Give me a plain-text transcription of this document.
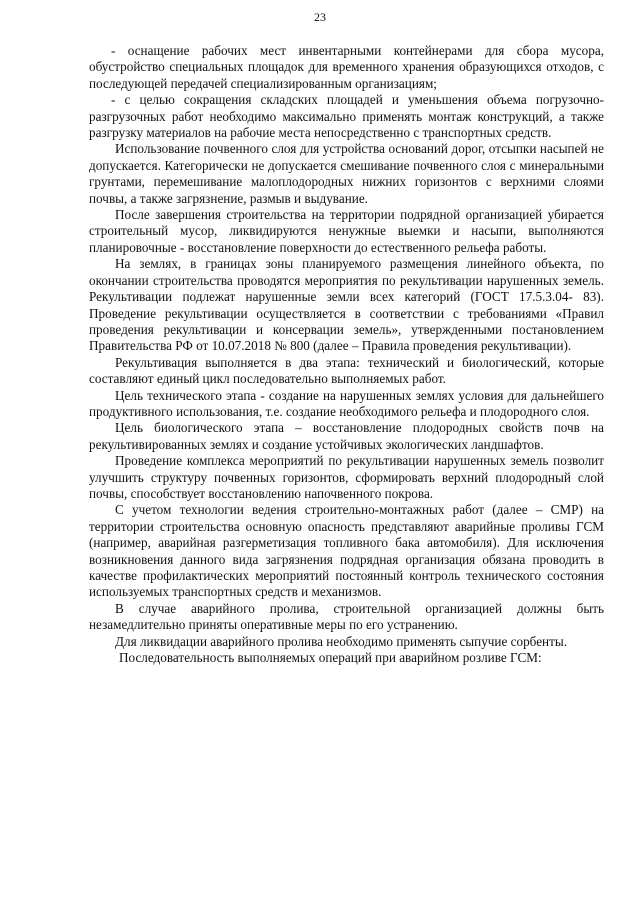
23

- оснащение рабочих мест инвентарными контейнерами для сбора мусора, обустройство специальных площадок для временного хранения образующихся отходов, с последующей передачей специализированным организациям;

- с целью сокращения складских площадей и уменьшения объема погрузочно-разгрузочных работ необходимо максимально применять монтаж конструкций, а также разгрузку материалов на рабочие места непосредственно с транспортных средств.

Использование почвенного слоя для устройства оснований дорог, отсыпки насыпей не допускается. Категорически не допускается смешивание почвенного слоя с минеральными грунтами, перемешивание малоплодородных нижних горизонтов с верхними слоями почвы, а также загрязнение, размыв и выдувание.

После завершения строительства на территории подрядной организацией убирается строительный мусор, ликвидируются ненужные выемки и насыпи, выполняются планировочные - восстановление поверхности до естественного рельефа работы.

На землях, в границах зоны планируемого размещения линейного объекта, по окончании строительства проводятся мероприятия по рекультивации нарушенных земель. Рекультивации подлежат нарушенные земли всех категорий (ГОСТ 17.5.3.04- 83). Проведение рекультивации осуществляется в соответствии с требованиями «Правил проведения рекультивации и консервации земель», утвержденными постановлением Правительства РФ от 10.07.2018 № 800 (далее – Правила проведения рекультивации).

Рекультивация выполняется в два этапа: технический и биологический, которые составляют единый цикл последовательно выполняемых работ.

Цель технического этапа - создание на нарушенных землях условия для дальнейшего продуктивного использования, т.е. создание необходимого рельефа и плодородного слоя.

Цель биологического этапа – восстановление плодородных свойств почв на рекультивированных землях и создание устойчивых экологических ландшафтов.

Проведение комплекса мероприятий по рекультивации нарушенных земель позволит улучшить структуру почвенных горизонтов, сформировать верхний плодородный слой почвы, способствует восстановлению напочвенного покрова.

С учетом технологии ведения строительно-монтажных работ (далее – СМР) на территории строительства основную опасность представляют аварийные проливы ГСМ (например, аварийная разгерметизация топливного бака автомобиля). Для исключения возникновения данного вида загрязнения подрядная организация обязана проводить в качестве профилактических мероприятий постоянный контроль технического состояния используемых транспортных средств и механизмов.

В случае аварийного пролива, строительной организацией должны быть незамедлительно приняты оперативные меры по его устранению.

Для ликвидации аварийного пролива необходимо применять сыпучие сорбенты.

Последовательность выполняемых операций при аварийном розливе ГСМ:
